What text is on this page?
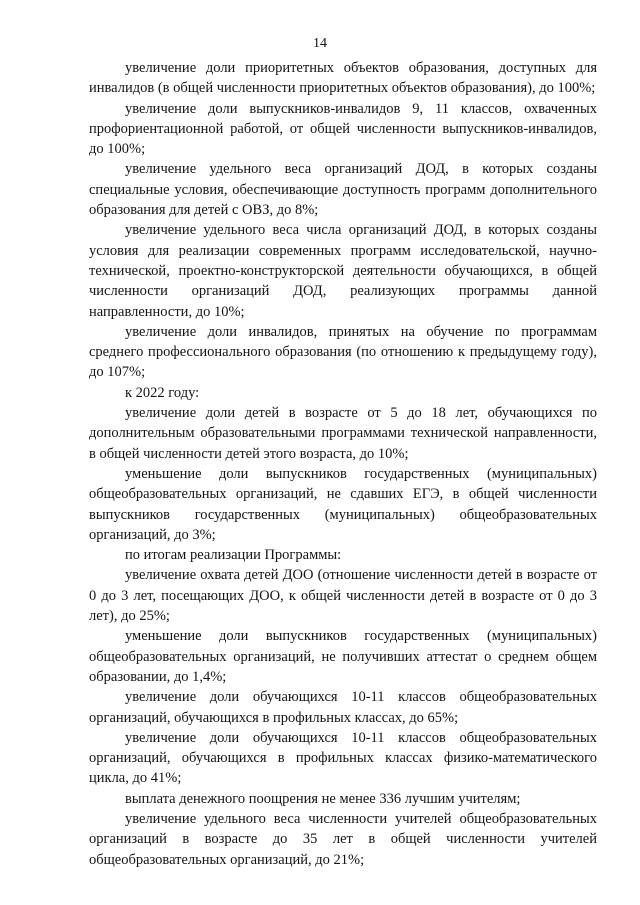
14

увеличение доли приоритетных объектов образования, доступных для инвалидов (в общей численности приоритетных объектов образования), до 100%;

увеличение доли выпускников-инвалидов 9, 11 классов, охваченных профориентационной работой, от общей численности выпускников-инвалидов, до 100%;

увеличение удельного веса организаций ДОД, в которых созданы специальные условия, обеспечивающие доступность программ дополнительного образования для детей с ОВЗ, до 8%;

увеличение удельного веса числа организаций ДОД, в которых созданы условия для реализации современных программ исследовательской, научно-технической, проектно-конструкторской деятельности обучающихся, в общей численности организаций ДОД, реализующих программы данной направленности, до 10%;

увеличение доли инвалидов, принятых на обучение по программам среднего профессионального образования (по отношению к предыдущему году), до 107%;

к 2022 году:

увеличение доли детей в возрасте от 5 до 18 лет, обучающихся по дополнительным образовательными программами технической направленности, в общей численности детей этого возраста, до 10%;

уменьшение доли выпускников государственных (муниципальных) общеобразовательных организаций, не сдавших ЕГЭ, в общей численности выпускников государственных (муниципальных) общеобразовательных организаций, до 3%;

по итогам реализации Программы:

увеличение охвата детей ДОО (отношение численности детей в возрасте от 0 до 3 лет, посещающих ДОО, к общей численности детей в возрасте от 0 до 3 лет), до 25%;

уменьшение доли выпускников государственных (муниципальных) общеобразовательных организаций, не получивших аттестат о среднем общем образовании, до 1,4%;

увеличение доли обучающихся 10-11 классов общеобразовательных организаций, обучающихся в профильных классах, до 65%;

увеличение доли обучающихся 10-11 классов общеобразовательных организаций, обучающихся в профильных классах физико-математического цикла, до 41%;

выплата денежного поощрения не менее 336 лучшим учителям;

увеличение удельного веса численности учителей общеобразовательных организаций в возрасте до 35 лет в общей численности учителей общеобразовательных организаций, до 21%;
